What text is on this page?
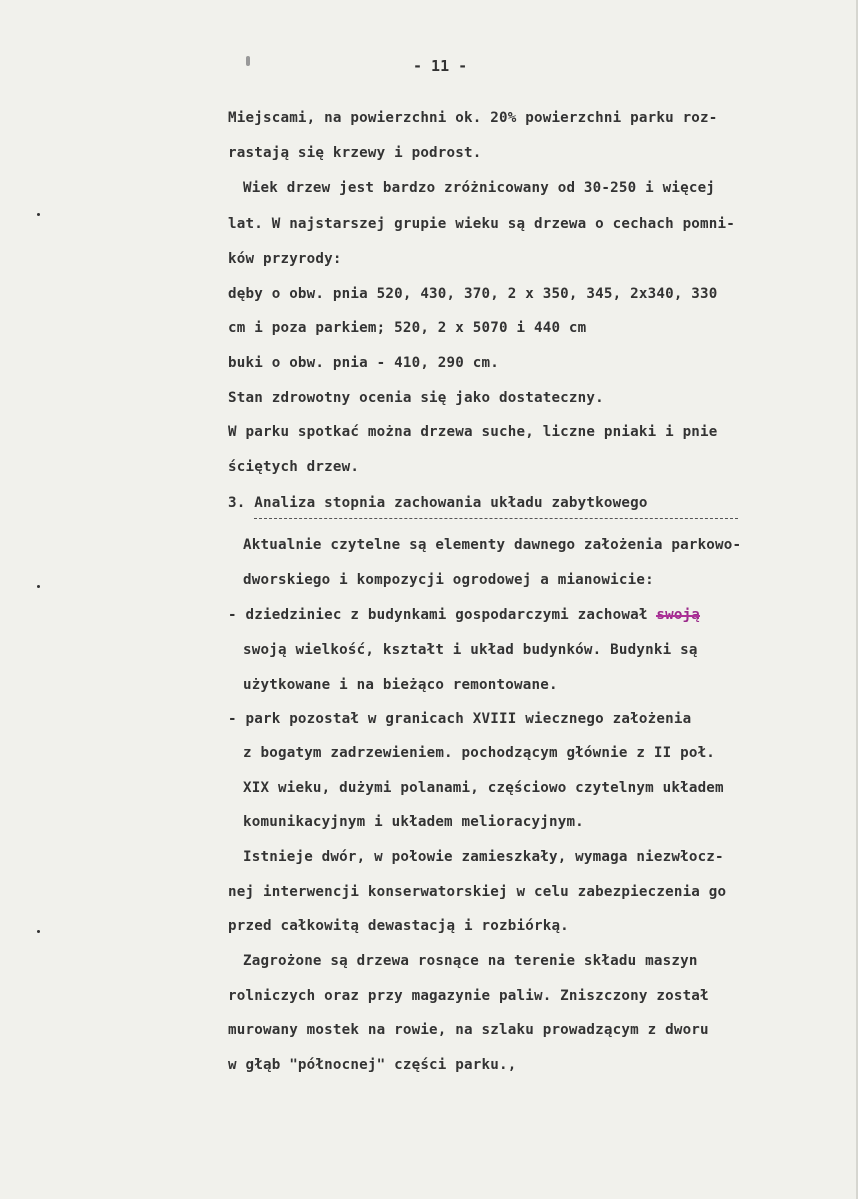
- 11 -
Miejscami, na powierzchni ok. 20% powierzchni parku roz-
rastają się krzewy i podrost.
Wiek drzew jest bardzo zróżnicowany od 30-250 i więcej
lat. W najstarszej grupie wieku są drzewa o cechach pomni-
ków przyrody:
dęby o obw. pnia 520, 430, 370, 2 x 350, 345, 2x340, 330
cm i poza parkiem; 520, 2 x 5070 i 440 cm
buki o obw. pnia - 410, 290 cm.
Stan zdrowotny ocenia się jako dostateczny.
W parku spotkać można drzewa suche, liczne pniaki i pnie
ściętych drzew.
3. Analiza stopnia zachowania układu zabytkowego
Aktualnie czytelne są elementy dawnego założenia parkowo-
dworskiego i kompozycji ogrodowej a mianowicie:
- dziedziniec z budynkami gospodarczymi zachował swoją
swoją wielkość, kształt i układ budynków. Budynki są
użytkowane i na bieżąco remontowane.
- park pozostał w granicach XVIII wiecznego założenia
z bogatym zadrzewieniem. pochodzącym głównie z II poł.
XIX wieku, dużymi polanami, częściowo czytelnym układem
komunikacyjnym i układem melioracyjnym.
Istnieje dwór, w połowie zamieszkały, wymaga niezwłocz-
nej interwencji konserwatorskiej w celu zabezpieczenia go
przed całkowitą dewastacją i rozbiórką.
Zagrożone są drzewa rosnące na terenie składu maszyn
rolniczych oraz przy magazynie paliw. Zniszczony został
murowany mostek na rowie, na szlaku prowadzącym z dworu
w głąb "północnej" części parku.,
